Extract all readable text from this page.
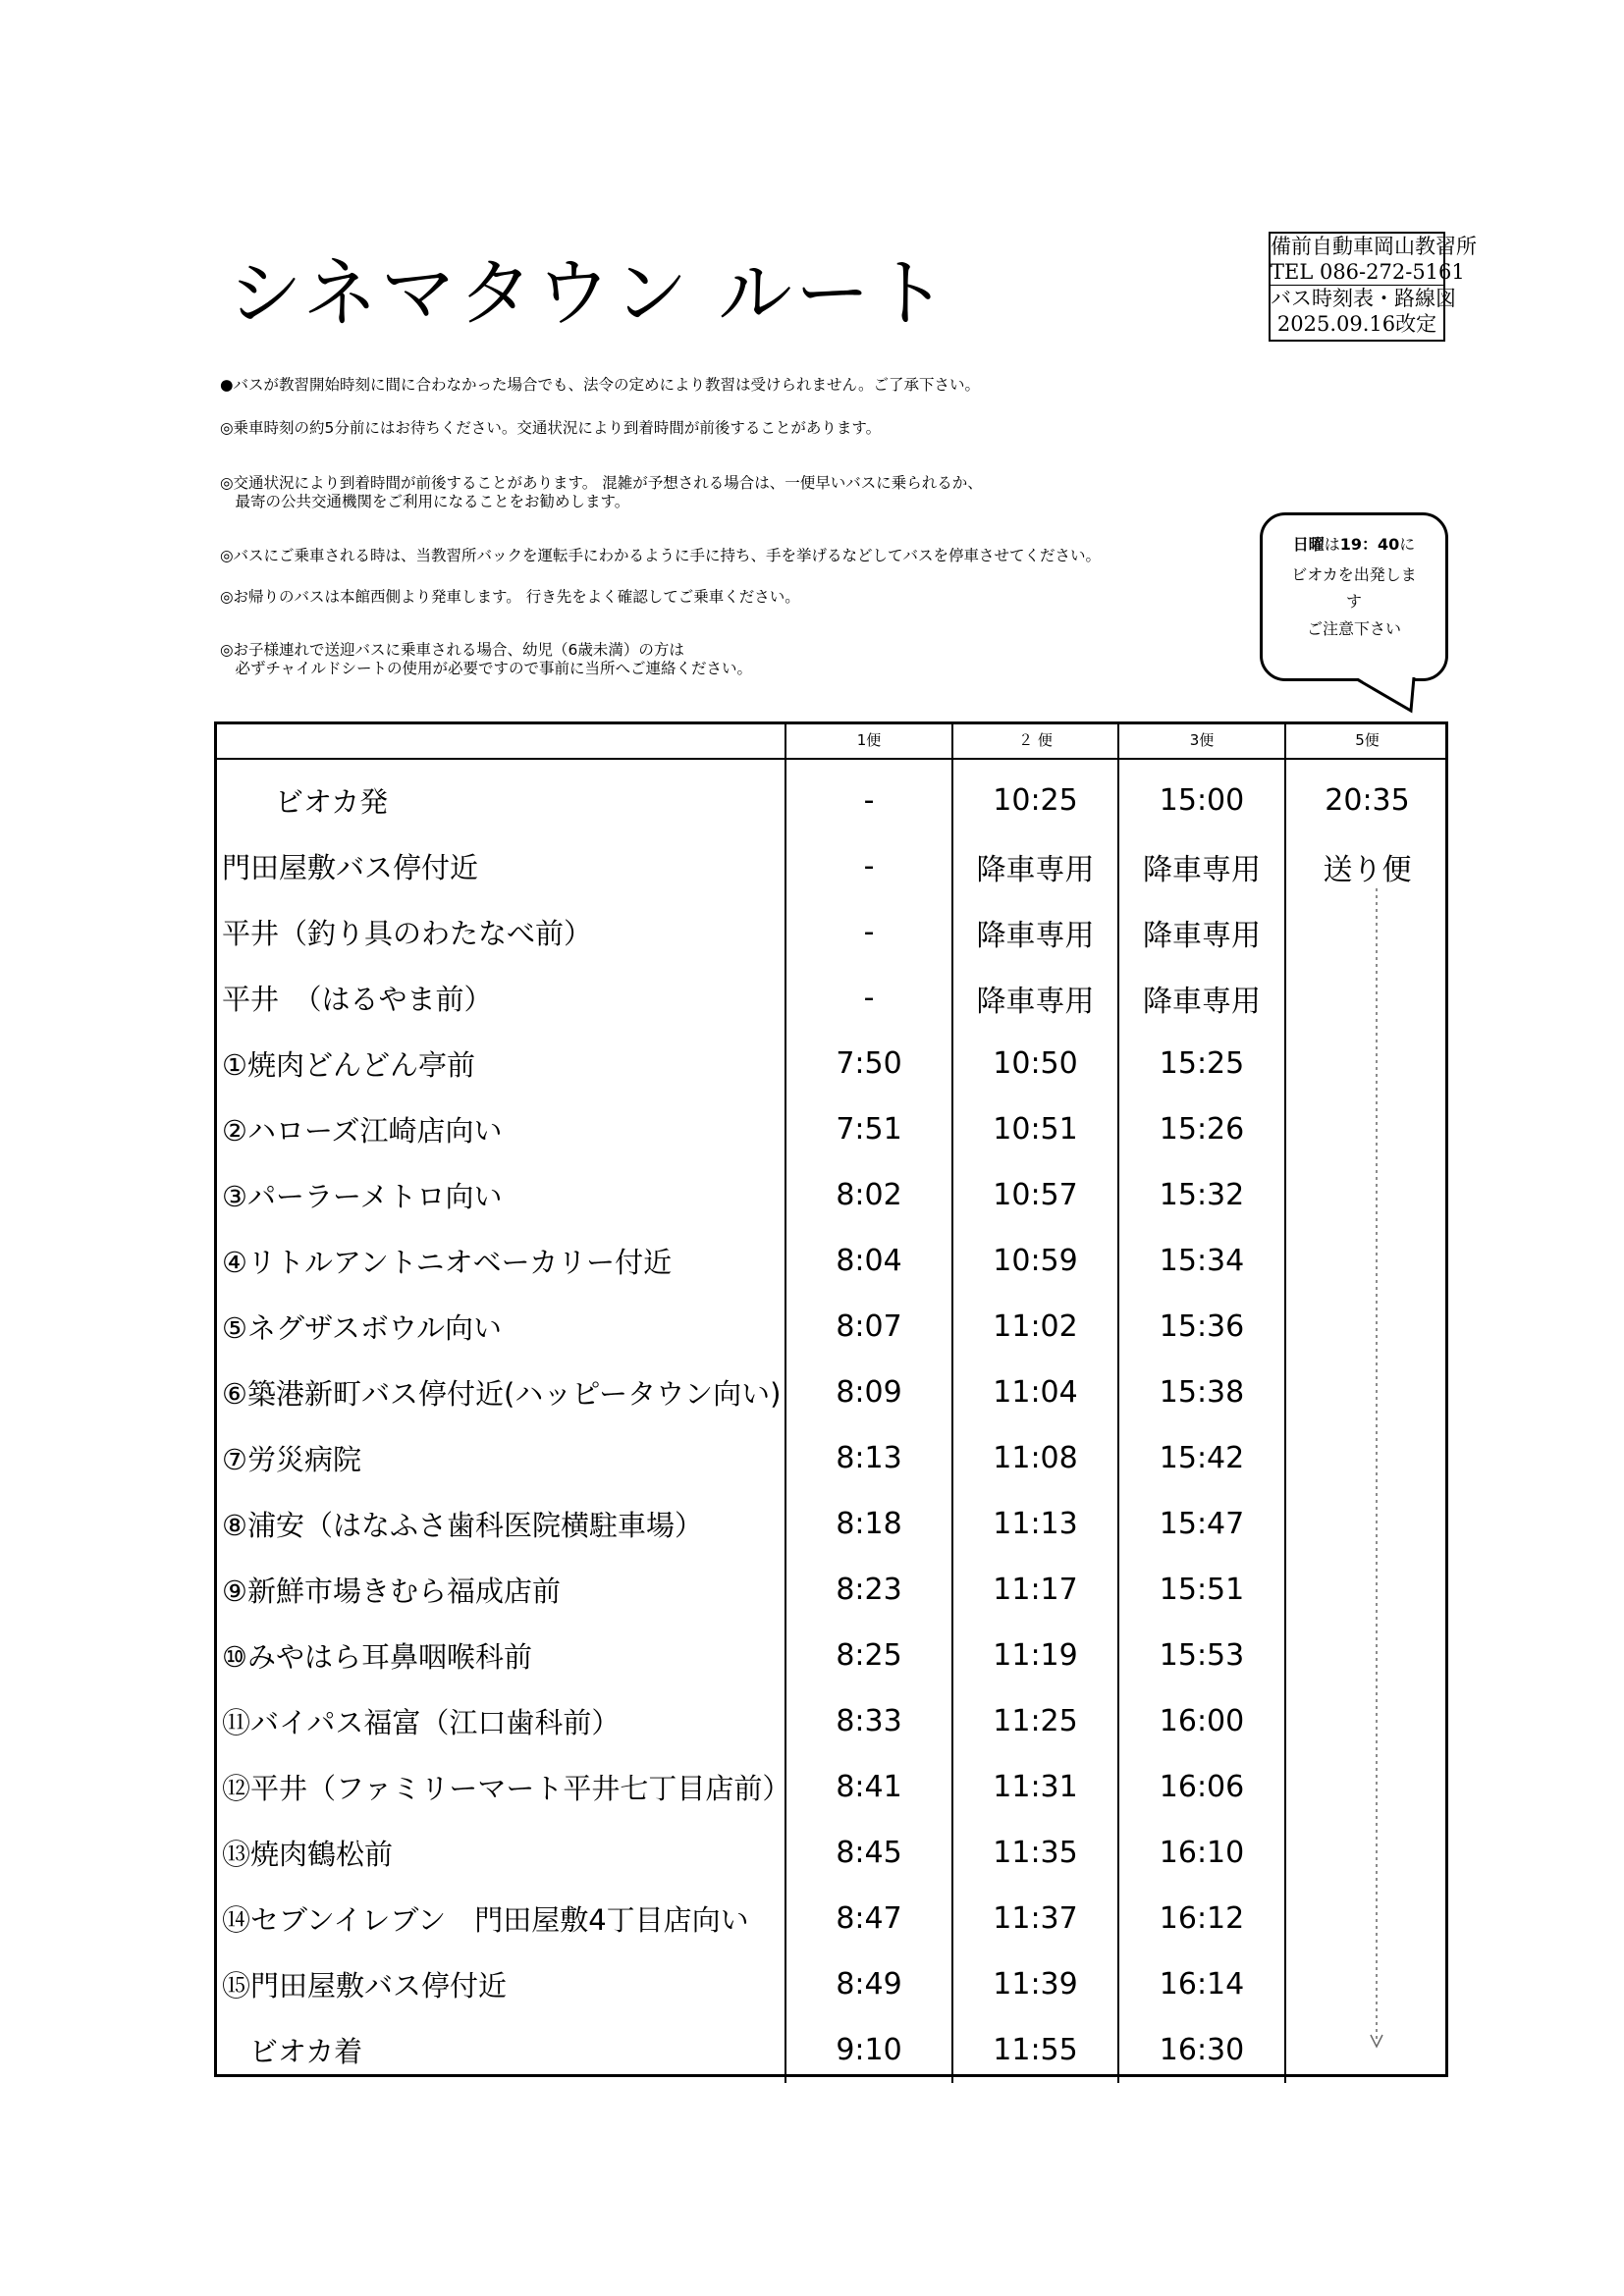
シネマタウン ルート
備前自動車岡山教習所
TEL 086-272-5161
バス時刻表・路線図
2025.09.16改定
●バスが教習開始時刻に間に合わなかった場合でも、法令の定めにより教習は受けられません。ご了承下さい。
◎乗車時刻の約5分前にはお待ちください。交通状況により到着時間が前後することがあります。
◎交通状況により到着時間が前後することがあります。 混雑が予想される場合は、一便早いバスに乗られるか、
　最寄の公共交通機関をご利用になることをお勧めします。
◎バスにご乗車される時は、当教習所バックを運転手にわかるように手に持ち、手を挙げるなどしてバスを停車させてください。
◎お帰りのバスは本館西側より発車します。 行き先をよく確認してご乗車ください。
◎お子様連れで送迎バスに乗車される場合、幼児（6歳未満）の方は
　必ずチャイルドシートの使用が必要ですので事前に当所へご連絡ください。
日曜は19：40に
ビオカを出発しま
す
ご注意下さい
	1便	２ 便	3便	5便
ビオカ発	-	10:25	15:00	20:35
門田屋敷バス停付近	-	降車専用	降車専用	送り便
平井（釣り具のわたなべ前）	-	降車専用	降車専用	
平井　（はるやま前）	-	降車専用	降車専用	
①焼肉どんどん亭前	7:50	10:50	15:25	
②ハローズ江崎店向い	7:51	10:51	15:26	
③パーラーメトロ向い	8:02	10:57	15:32	
④リトルアントニオベーカリー付近	8:04	10:59	15:34	
⑤ネグザスボウル向い	8:07	11:02	15:36	
⑥築港新町バス停付近(ハッピータウン向い)	8:09	11:04	15:38	
⑦労災病院	8:13	11:08	15:42	
⑧浦安（はなふさ歯科医院横駐車場）	8:18	11:13	15:47	
⑨新鮮市場きむら福成店前	8:23	11:17	15:51	
⑩みやはら耳鼻咽喉科前	8:25	11:19	15:53	
⑪バイパス福富（江口歯科前）	8:33	11:25	16:00	
⑫平井（ファミリーマート平井七丁目店前）	8:41	11:31	16:06	
⑬焼肉鶴松前	8:45	11:35	16:10	
⑭セブンイレブン　門田屋敷4丁目店向い	8:47	11:37	16:12	
⑮門田屋敷バス停付近	8:49	11:39	16:14	
ビオカ着	9:10	11:55	16:30	
